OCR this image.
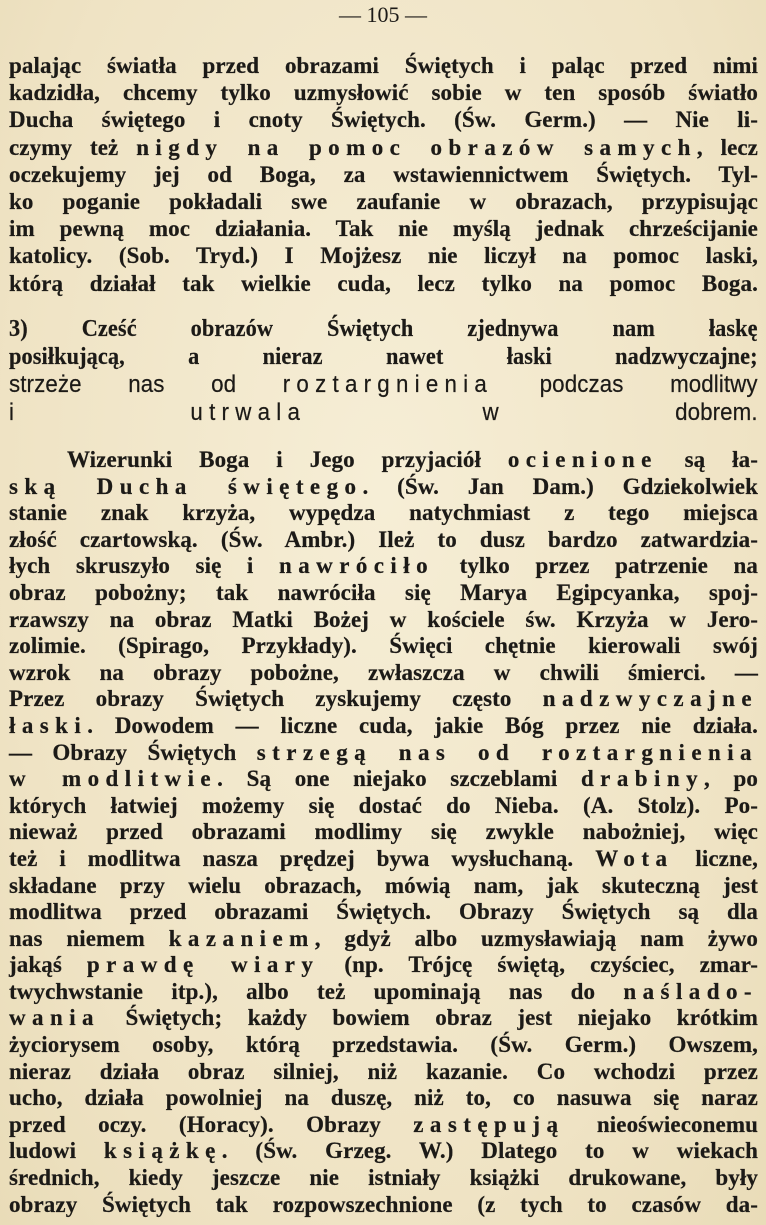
— 105 —
palając światła przed obrazami Świętych i paląc przed nimi
kadzidła, chcemy tylko uzmysłowić sobie w ten sposób światło
Ducha świętego i cnoty Świętych. (Św. Germ.) — Nie li-
czymy też nigdy na pomoc obrazów samych, lecz
oczekujemy jej od Boga, za wstawiennictwem Świętych. Tyl-
ko poganie pokładali swe zaufanie w obrazach, przypisując
im pewną moc działania. Tak nie myślą jednak chrześcijanie
katolicy. (Sob. Tryd.) I Mojżesz nie liczył na pomoc laski,
którą działał tak wielkie cuda, lecz tylko na pomoc Boga.
3) Cześć obrazów Świętych zjednywa nam łaskę
posiłkującą, a nieraz nawet łaski nadzwyczajne;
strzeże nas od roztargnienia podczas modlitwy
i utrwala w dobrem.
Wizerunki Boga i Jego przyjaciół ocienione są ła-
ską Ducha świętego. (Św. Jan Dam.) Gdziekolwiek
stanie znak krzyża, wypędza natychmiast z tego miejsca
złość czartowską. (Św. Ambr.) Ileż to dusz bardzo zatwardzia-
łych skruszyło się i nawróciło tylko przez patrzenie na
obraz pobożny; tak nawróciła się Marya Egipcyanka, spoj-
rzawszy na obraz Matki Bożej w kościele św. Krzyża w Jero-
zolimie. (Spirago, Przykłady). Święci chętnie kierowali swój
wzrok na obrazy pobożne, zwłaszcza w chwili śmierci. —
Przez obrazy Świętych zyskujemy często nadzwyczajne
łaski. Dowodem — liczne cuda, jakie Bóg przez nie działa.
— Obrazy Świętych strzegą nas od roztargnienia
w modlitwie. Są one niejako szczeblami drabiny, po
których łatwiej możemy się dostać do Nieba. (A. Stolz). Po-
nieważ przed obrazami modlimy się zwykle nabożniej, więc
też i modlitwa nasza prędzej bywa wysłuchaną. Wota liczne,
składane przy wielu obrazach, mówią nam, jak skuteczną jest
modlitwa przed obrazami Świętych. Obrazy Świętych są dla
nas niemem kazaniem, gdyż albo uzmysławiają nam żywo
jakąś prawdę wiary (np. Trójcę świętą, czyściec, zmar-
twychwstanie itp.), albo też upominają nas do naślado-
wania Świętych; każdy bowiem obraz jest niejako krótkim
życiorysem osoby, którą przedstawia. (Św. Germ.) Owszem,
nieraz działa obraz silniej, niż kazanie. Co wchodzi przez
ucho, działa powolniej na duszę, niż to, co nasuwa się naraz
przed oczy. (Horacy). Obrazy zastępują nieoświeconemu
ludowi książkę. (Św. Grzeg. W.) Dlatego to w wiekach
średnich, kiedy jeszcze nie istniały książki drukowane, były
obrazy Świętych tak rozpowszechnione (z tych to czasów da-
